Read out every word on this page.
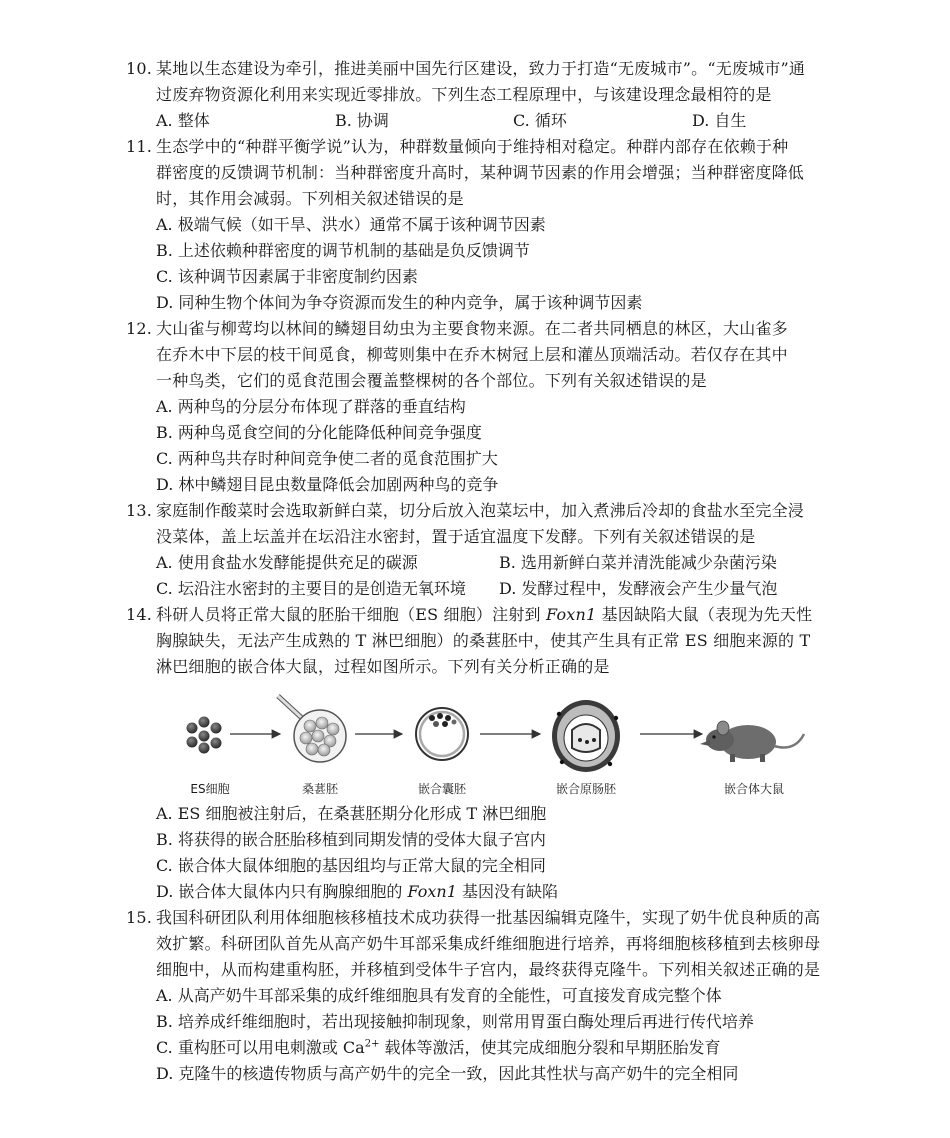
10. 某地以生态建设为牵引，推进美丽中国先行区建设，致力于打造“无废城市”。“无废城市”通
过废弃物资源化利用来实现近零排放。下列生态工程原理中，与该建设理念最相符的是
A. 整体	B. 协调	C. 循环	D. 自生
11. 生态学中的“种群平衡学说”认为，种群数量倾向于维持相对稳定。种群内部存在依赖于种
群密度的反馈调节机制：当种群密度升高时，某种调节因素的作用会增强；当种群密度降低
时，其作用会减弱。下列相关叙述错误的是
A. 极端气候（如干旱、洪水）通常不属于该种调节因素
B. 上述依赖种群密度的调节机制的基础是负反馈调节
C. 该种调节因素属于非密度制约因素
D. 同种生物个体间为争夺资源而发生的种内竞争，属于该种调节因素
12. 大山雀与柳莺均以林间的鳞翅目幼虫为主要食物来源。在二者共同栖息的林区，大山雀多
在乔木中下层的枝干间觅食，柳莺则集中在乔木树冠上层和灌丛顶端活动。若仅存在其中
一种鸟类，它们的觅食范围会覆盖整棵树的各个部位。下列有关叙述错误的是
A. 两种鸟的分层分布体现了群落的垂直结构
B. 两种鸟觅食空间的分化能降低种间竞争强度
C. 两种鸟共存时种间竞争使二者的觅食范围扩大
D. 林中鳞翅目昆虫数量降低会加剧两种鸟的竞争
13. 家庭制作酸菜时会选取新鲜白菜，切分后放入泡菜坛中，加入煮沸后冷却的食盐水至完全浸
没菜体，盖上坛盖并在坛沿注水密封，置于适宜温度下发酵。下列有关叙述错误的是
A. 使用食盐水发酵能提供充足的碳源	B. 选用新鲜白菜并清洗能减少杂菌污染
C. 坛沿注水密封的主要目的是创造无氧环境 D. 发酵过程中，发酵液会产生少量气泡
14. 科研人员将正常大鼠的胚胎干细胞（ES 细胞）注射到 Foxn1 基因缺陷大鼠（表现为先天性
胸腺缺失，无法产生成熟的 T 淋巴细胞）的桑葚胚中，使其产生具有正常 ES 细胞来源的 T
淋巴细胞的嵌合体大鼠，过程如图所示。下列有关分析正确的是
ES细胞	桑葚胚	嵌合囊胚	嵌合原肠胚	嵌合体大鼠
A. ES 细胞被注射后，在桑葚胚期分化形成 T 淋巴细胞
B. 将获得的嵌合胚胎移植到同期发情的受体大鼠子宫内
C. 嵌合体大鼠体细胞的基因组均与正常大鼠的完全相同
D. 嵌合体大鼠体内只有胸腺细胞的 Foxn1 基因没有缺陷
15. 我国科研团队利用体细胞核移植技术成功获得一批基因编辑克隆牛，实现了奶牛优良种质的高
效扩繁。科研团队首先从高产奶牛耳部采集成纤维细胞进行培养，再将细胞核移植到去核卵母
细胞中，从而构建重构胚，并移植到受体牛子宫内，最终获得克隆牛。下列相关叙述正确的是
A. 从高产奶牛耳部采集的成纤维细胞具有发育的全能性，可直接发育成完整个体
B. 培养成纤维细胞时，若出现接触抑制现象，则常用胃蛋白酶处理后再进行传代培养
C. 重构胚可以用电刺激或 $Ca^{2+}$ 载体等激活，使其完成细胞分裂和早期胚胎发育
D. 克隆牛的核遗传物质与高产奶牛的完全一致，因此其性状与高产奶牛的完全相同
